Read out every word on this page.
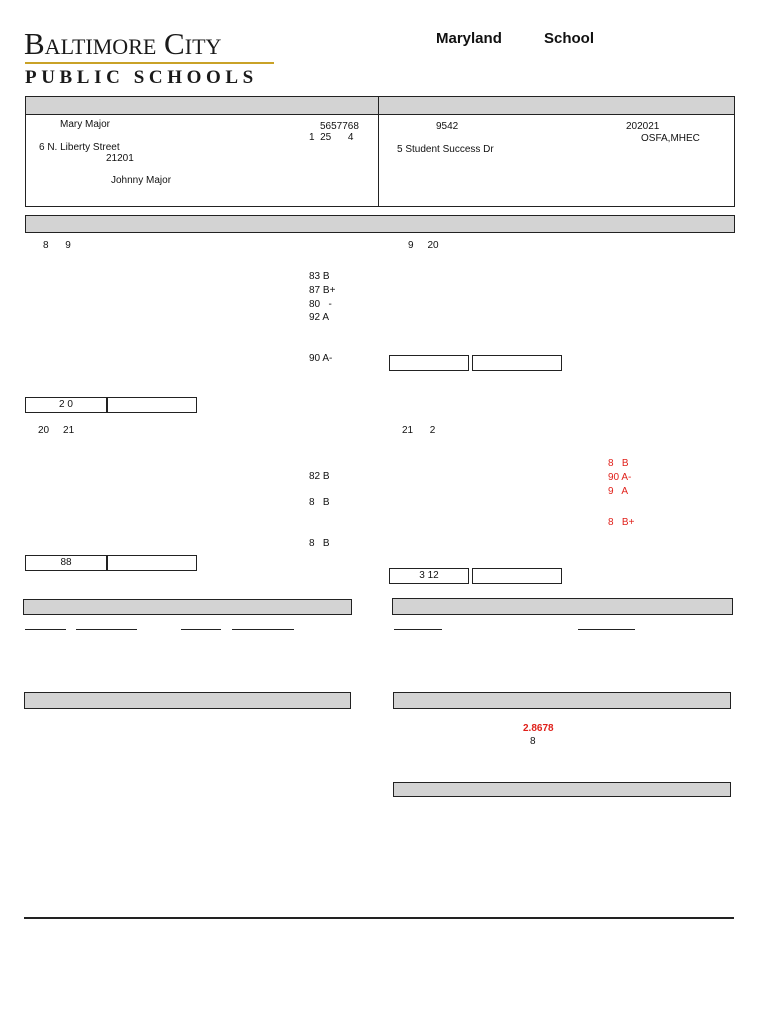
Baltimore City
PUBLIC SCHOOLS
Maryland	School
Mary Major	5657768
1  25      4
6 N. Liberty Street
21201
Johnny Major
9542	202021
OSFA,MHEC
5 Student Success Dr
8      9
83 B
87 B+
80   -
92 A
90 A-
2 0
9     20
20     21
82 B
8   B
8   B
88
21      2
8   B
90 A-
9   A
8   B+
3 12
2.8678
8
